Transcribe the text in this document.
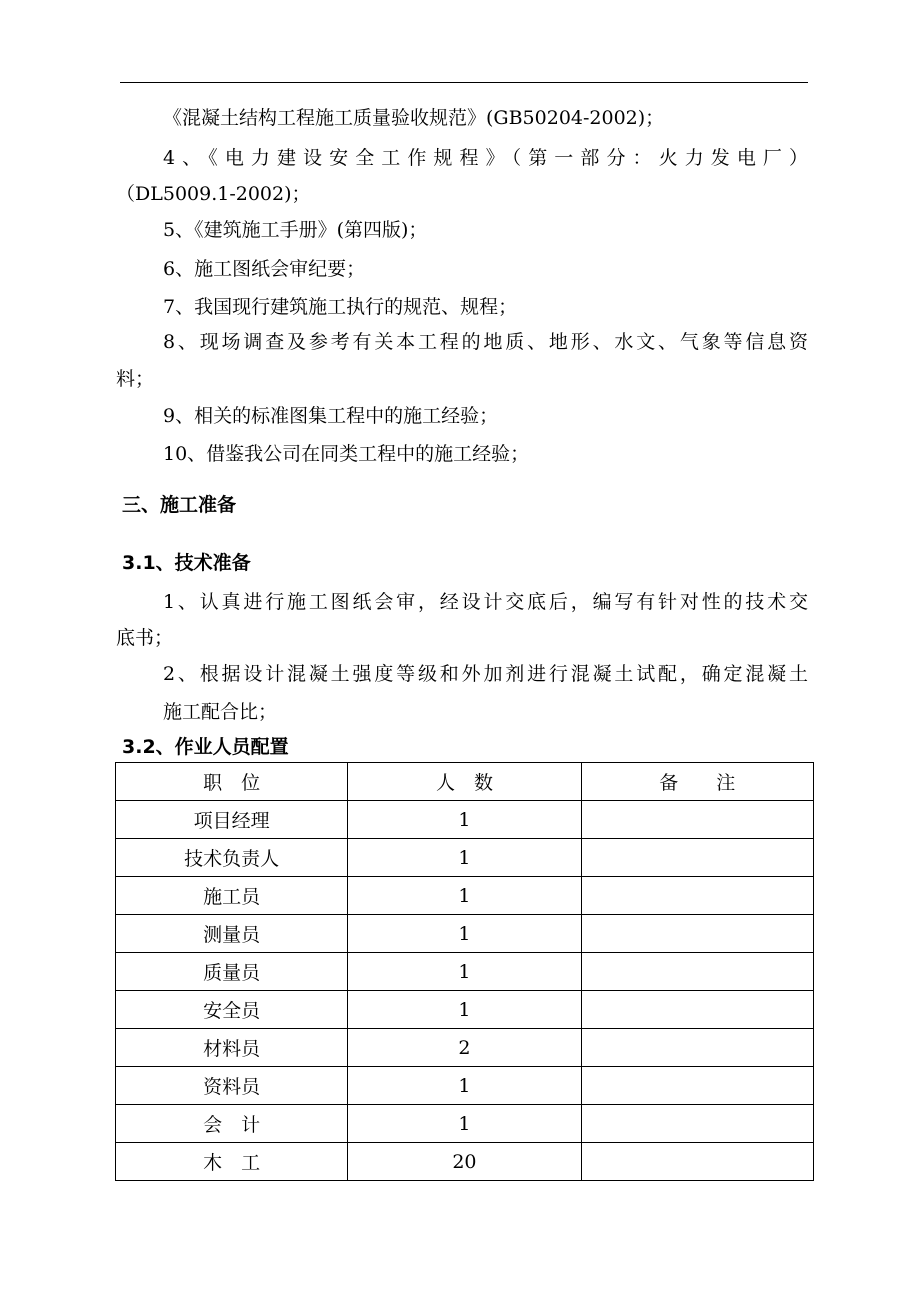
《混凝土结构工程施工质量验收规范》(GB50204-2002)；
4、《电力建设安全工作规程》（第一部分：火力发电厂）
（DL5009.1-2002)；
5、《建筑施工手册》(第四版)；
6、施工图纸会审纪要；
7、我国现行建筑施工执行的规范、规程；
8、现场调查及参考有关本工程的地质、地形、水文、气象等信息资
料；
9、相关的标准图集工程中的施工经验；
10、借鉴我公司在同类工程中的施工经验；
三、施工准备
3.1、技术准备
1、认真进行施工图纸会审，经设计交底后，编写有针对性的技术交
底书；
2、根据设计混凝土强度等级和外加剂进行混凝土试配，确定混凝土
施工配合比；
3.2、作业人员配置
职　位	人　数	备　　注
项目经理	1	
技术负责人	1	
施工员	1	
测量员	1	
质量员	1	
安全员	1	
材料员	2	
资料员	1	
会　计	1	
木　工	20	
